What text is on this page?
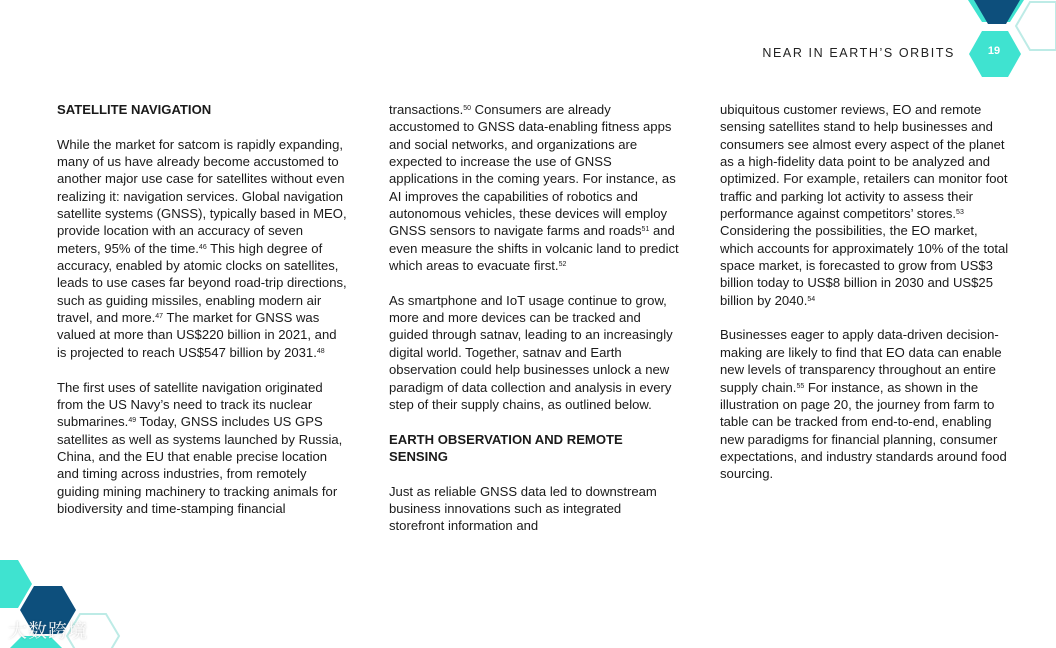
NEAR IN EARTH’S ORBITS	19
SATELLITE NAVIGATION

While the market for satcom is rapidly expanding, many of us have already become accustomed to another major use case for satellites without even realizing it: navigation services. Global navigation satellite systems (GNSS), typically based in MEO, provide location with an accuracy of seven meters, 95% of the time.$^{46}$ This high degree of accuracy, enabled by atomic clocks on satellites, leads to use cases far beyond road-trip directions, such as guiding missiles, enabling modern air travel, and more.$^{47}$ The market for GNSS was valued at more than US$220 billion in 2021, and is projected to reach US$547 billion by 2031.48

The first uses of satellite navigation originated from the US Navy’s need to track its nuclear submarines.$^{49}$ Today, GNSS includes US GPS satellites as well as systems launched by Russia, China, and the EU that enable precise location and timing across industries, from remotely guiding mining machinery to tracking animals for biodiversity and time-stamping financial

transactions.$^{50}$ Consumers are already accustomed to GNSS data-enabling fitness apps and social networks, and organizations are expected to increase the use of GNSS applications in the coming years. For instance, as AI improves the capabilities of robotics and autonomous vehicles, these devices will employ GNSS sensors to navigate farms and roads$^{51}$ and even measure the shifts in volcanic land to predict which areas to evacuate first.$^{52}$

As smartphone and IoT usage continue to grow, more and more devices can be tracked and guided through satnav, leading to an increasingly digital world. Together, satnav and Earth observation could help businesses unlock a new paradigm of data collection and analysis in every step of their supply chains, as outlined below.

EARTH OBSERVATION AND REMOTE SENSING

Just as reliable GNSS data led to downstream business innovations such as integrated storefront information and

ubiquitous customer reviews, EO and remote sensing satellites stand to help businesses and consumers see almost every aspect of the planet as a high-fidelity data point to be analyzed and optimized. For example, retailers can monitor foot traffic and parking lot activity to assess their performance against competitors’ stores.$^{53}$ Considering the possibilities, the EO market, which accounts for approximately 10% of the total space market, is forecasted to grow from US$3 billion today to US$8 billion in 2030 and US$25 billion by 2040.54

Businesses eager to apply data-driven decision-making are likely to find that EO data can enable new levels of transparency throughout an entire supply chain.$^{55}$ For instance, as shown in the illustration on page 20, the journey from farm to table can be tracked from end-to-end, enabling new paradigms for financial planning, consumer expectations, and industry standards around food sourcing.

大数跨境
